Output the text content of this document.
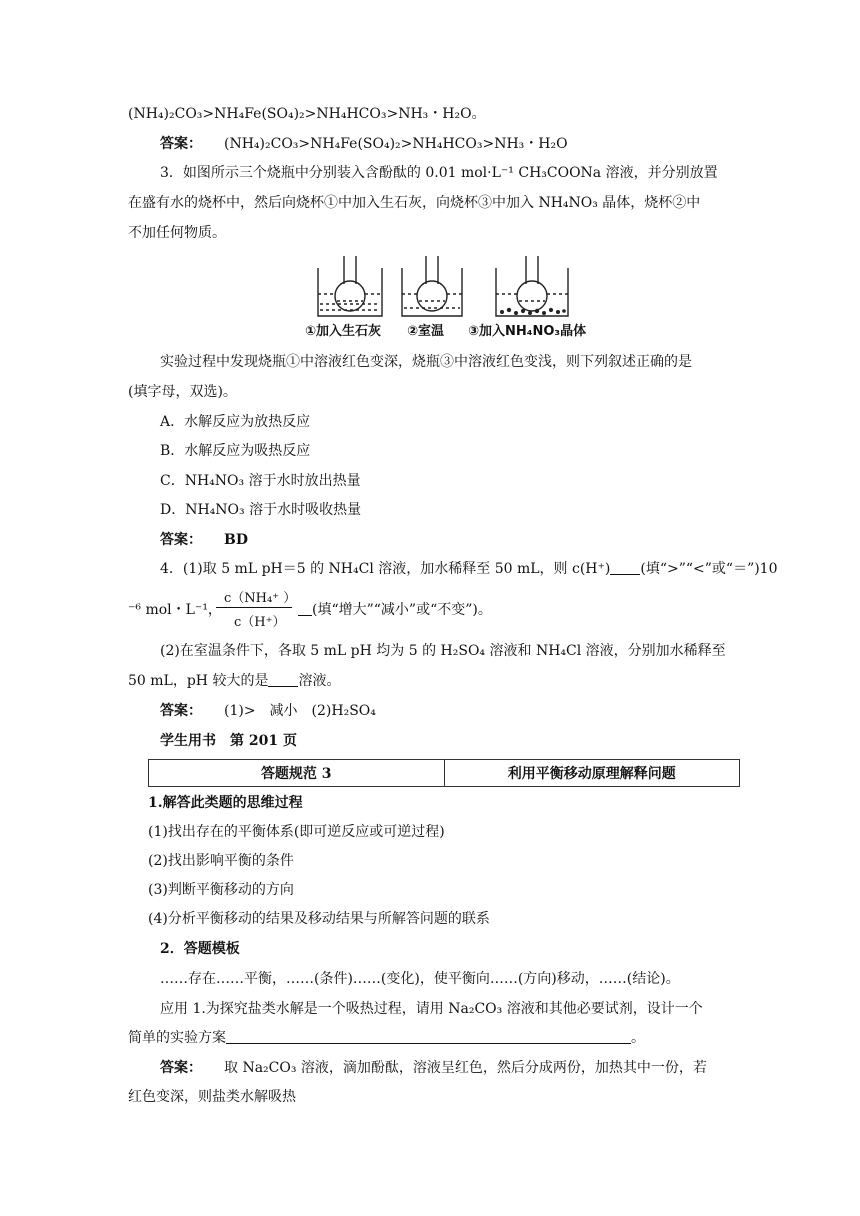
(NH₄)₂CO₃>NH₄Fe(SO₄)₂>NH₄HCO₃>NH₃・H₂O。
答案： (NH₄)₂CO₃>NH₄Fe(SO₄)₂>NH₄HCO₃>NH₃・H₂O
3．如图所示三个烧瓶中分别装入含酚酞的 0.01 mol·L⁻¹ CH₃COONa 溶液，并分别放置
在盛有水的烧杯中，然后向烧杯①中加入生石灰，向烧杯③中加入 NH₄NO₃ 晶体，烧杯②中
不加任何物质。
①加入生石灰 ②室温 ③加入NH₄NO₃晶体
实验过程中发现烧瓶①中溶液红色变深，烧瓶③中溶液红色变浅，则下列叙述正确的是
(填字母，双选)。
A．水解反应为放热反应
B．水解反应为吸热反应
C．NH₄NO₃ 溶于水时放出热量
D．NH₄NO₃ 溶于水时吸收热量
答案： BD
4．(1)取 5 mL pH＝5 的 NH₄Cl 溶液，加水稀释至 50 mL，则 c(H⁺) (填“>”“<”或“＝”)10
⁻⁶ mol・L⁻¹，
c（NH₄⁺ ）
c（H⁺）
(填“增大”“减小”或“不变”)。
(2)在室温条件下，各取 5 mL pH 均为 5 的 H₂SO₄ 溶液和 NH₄Cl 溶液，分别加水稀释至
50 mL，pH 较大的是 溶液。
答案： (1)>　减小　(2)H₂SO₄
学生用书　第 201 页
答题规范 3	利用平衡移动原理解释问题
1.解答此类题的思维过程
(1)找出存在的平衡体系(即可逆反应或可逆过程)
(2)找出影响平衡的条件
(3)判断平衡移动的方向
(4)分析平衡移动的结果及移动结果与所解答问题的联系
2．答题模板
……存在……平衡，……(条件)……(变化)，使平衡向……(方向)移动，……(结论)。
应用 1.为探究盐类水解是一个吸热过程，请用 Na₂CO₃ 溶液和其他必要试剂，设计一个
简单的实验方案	。
答案： 取 Na₂CO₃ 溶液，滴加酚酞，溶液呈红色，然后分成两份，加热其中一份，若
红色变深，则盐类水解吸热
